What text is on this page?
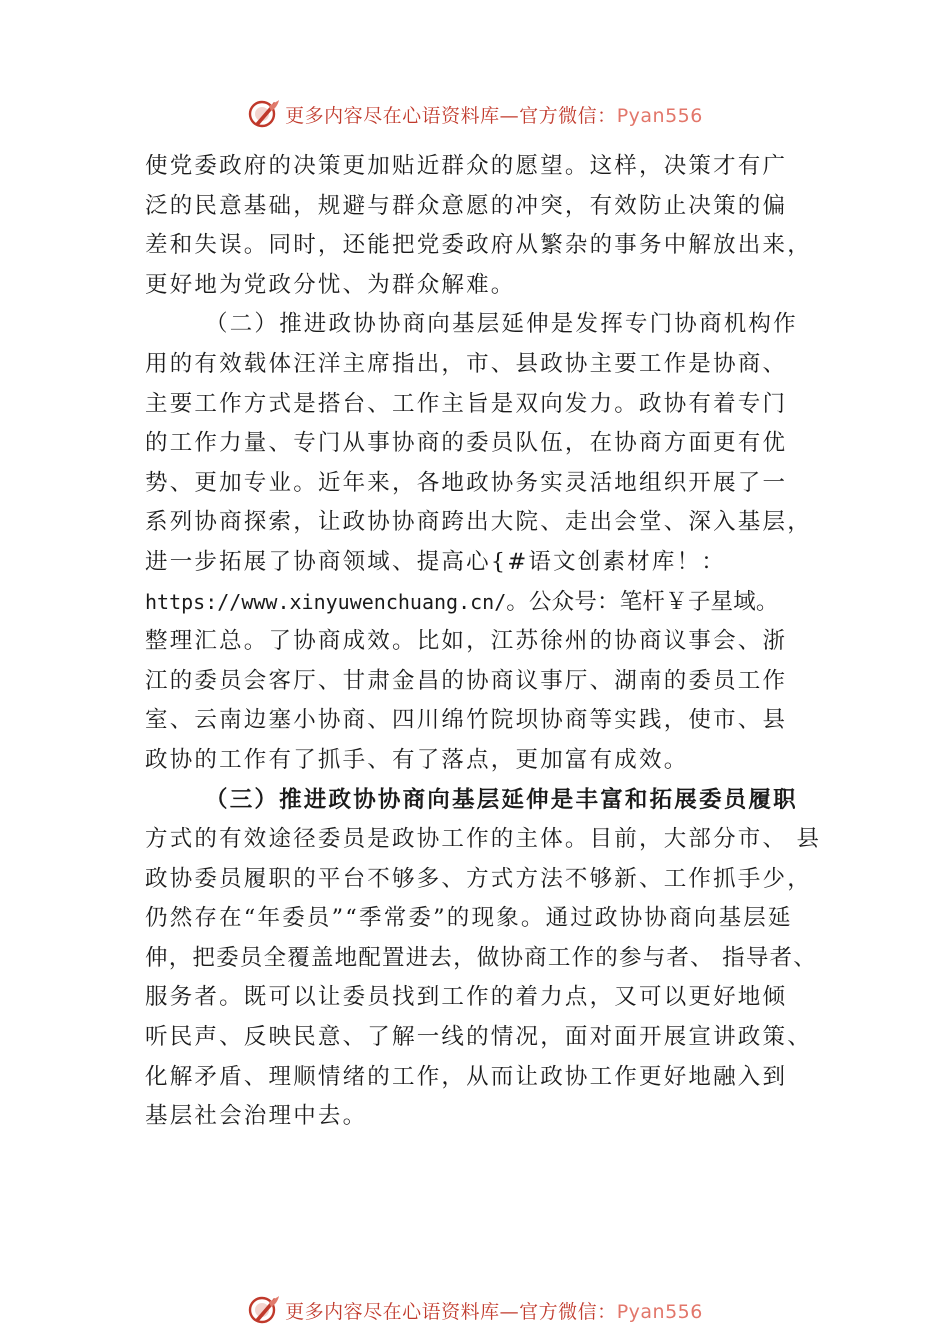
更多内容尽在心语资料库—官方微信：Pyan556
使党委政府的决策更加贴近群众的愿望。这样，决策才有广
泛的民意基础，规避与群众意愿的冲突，有效防止决策的偏
差和失误。同时，还能把党委政府从繁杂的事务中解放出来，
更好地为党政分忧、为群众解难。
（二）推进政协协商向基层延伸是发挥专门协商机构作
用的有效载体汪洋主席指出，市、县政协主要工作是协商、
主要工作方式是搭台、工作主旨是双向发力。政协有着专门
的工作力量、专门从事协商的委员队伍，在协商方面更有优
势、更加专业。近年来，各地政协务实灵活地组织开展了一
系列协商探索，让政协协商跨出大院、走出会堂、深入基层，
进一步拓展了协商领域、提高心{#语文创素材库！：
https://www.xinyuwenchuang.cn/。公众号：笔杆￥子星域。
整理汇总。了协商成效。比如，江苏徐州的协商议事会、浙
江的委员会客厅、甘肃金昌的协商议事厅、湖南的委员工作
室、云南边塞小协商、四川绵竹院坝协商等实践，使市、县
政协的工作有了抓手、有了落点，更加富有成效。
（三）推进政协协商向基层延伸是丰富和拓展委员履职
方式的有效途径委员是政协工作的主体。目前，大部分市、 县
政协委员履职的平台不够多、方式方法不够新、工作抓手少，
仍然存在“年委员”“季常委”的现象。通过政协协商向基层延
伸，把委员全覆盖地配置进去，做协商工作的参与者、 指导者、
服务者。既可以让委员找到工作的着力点，又可以更好地倾
听民声、反映民意、了解一线的情况，面对面开展宣讲政策、
化解矛盾、理顺情绪的工作，从而让政协工作更好地融入到
基层社会治理中去。
更多内容尽在心语资料库—官方微信：Pyan556
